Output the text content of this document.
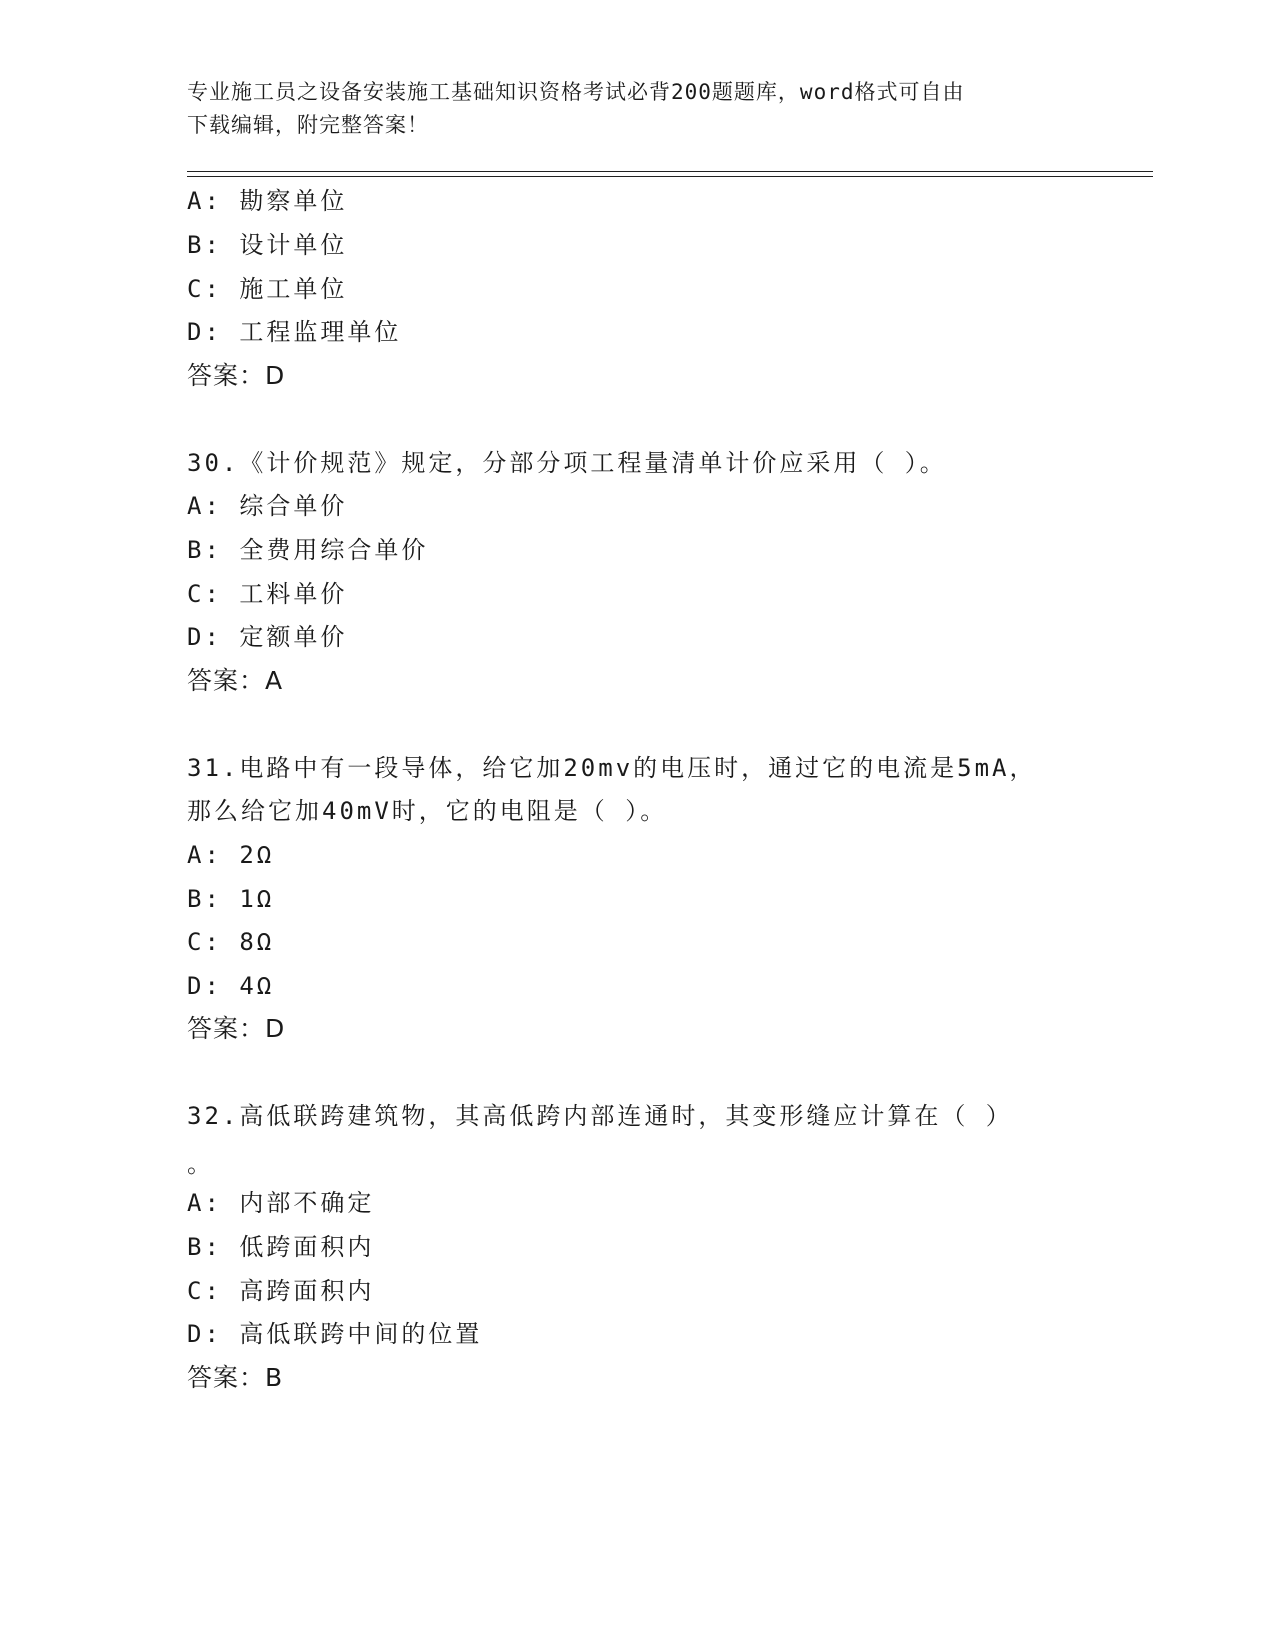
专业施工员之设备安装施工基础知识资格考试必背200题题库，word格式可自由
下载编辑，附完整答案！
A: 勘察单位
B: 设计单位
C: 施工单位
D: 工程监理单位
答案：D
30.《计价规范》规定，分部分项工程量清单计价应采用（ ）。
A: 综合单价
B: 全费用综合单价
C: 工料单价
D: 定额单价
答案：A
31.电路中有一段导体，给它加20mv的电压时，通过它的电流是5mA，
那么给它加40mV时，它的电阻是（ ）。
A: 2Ω
B: 1Ω
C: 8Ω
D: 4Ω
答案：D
32.高低联跨建筑物，其高低跨内部连通时，其变形缝应计算在（ ）
。
A: 内部不确定
B: 低跨面积内
C: 高跨面积内
D: 高低联跨中间的位置
答案：B
